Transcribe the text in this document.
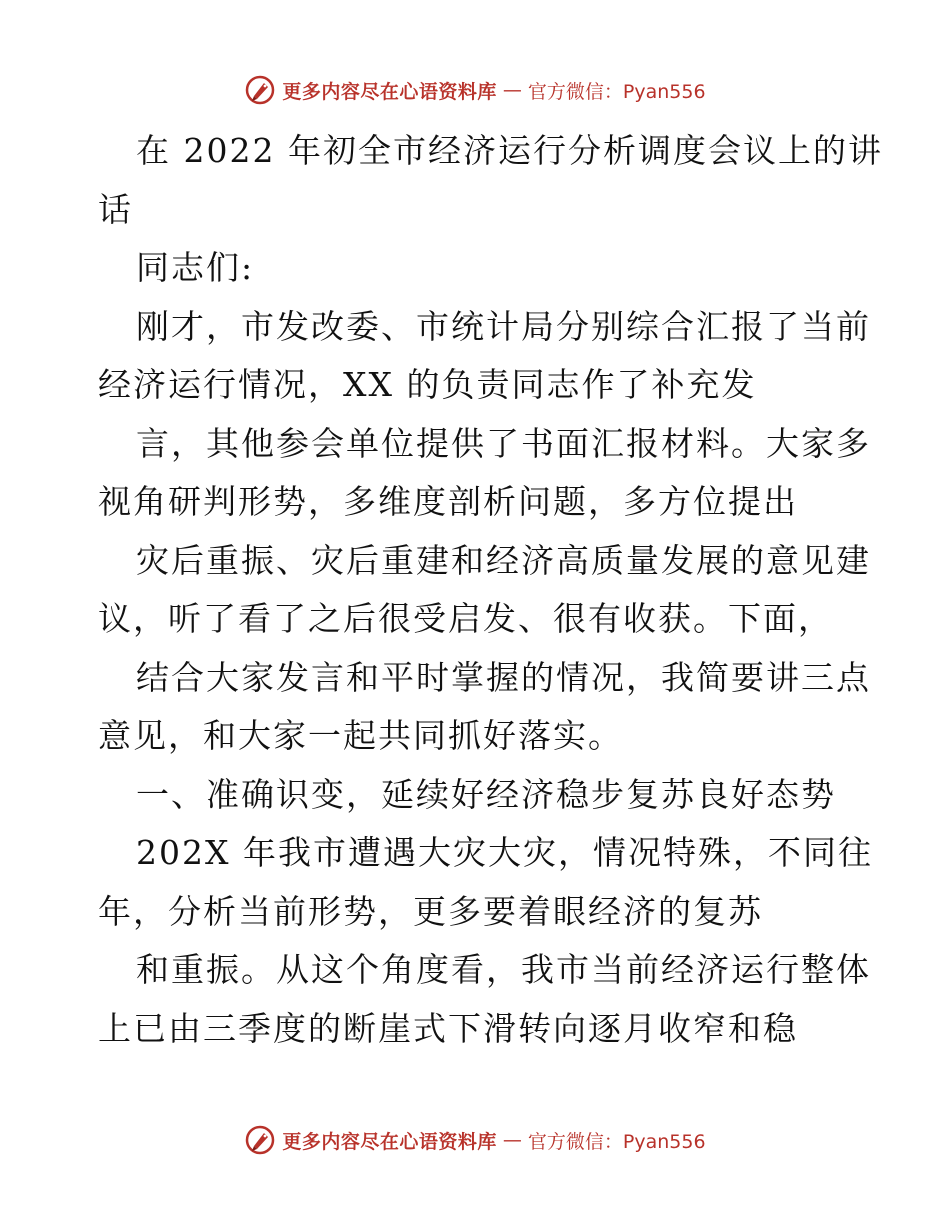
更多内容尽在心语资料库 — 官方微信：Pyan556
在 2022 年初全市经济运行分析调度会议上的讲
话
同志们:
刚才，市发改委、市统计局分别综合汇报了当前
经济运行情况，XX 的负责同志作了补充发
言，其他参会单位提供了书面汇报材料。大家多
视角研判形势，多维度剖析问题，多方位提出
灾后重振、灾后重建和经济高质量发展的意见建
议，听了看了之后很受启发、很有收获。下面，
结合大家发言和平时掌握的情况，我简要讲三点
意见，和大家一起共同抓好落实。
一、准确识变，延续好经济稳步复苏良好态势
202X 年我市遭遇大灾大灾，情况特殊，不同往
年，分析当前形势，更多要着眼经济的复苏
和重振。从这个角度看，我市当前经济运行整体
上已由三季度的断崖式下滑转向逐月收窄和稳
更多内容尽在心语资料库 — 官方微信：Pyan556
